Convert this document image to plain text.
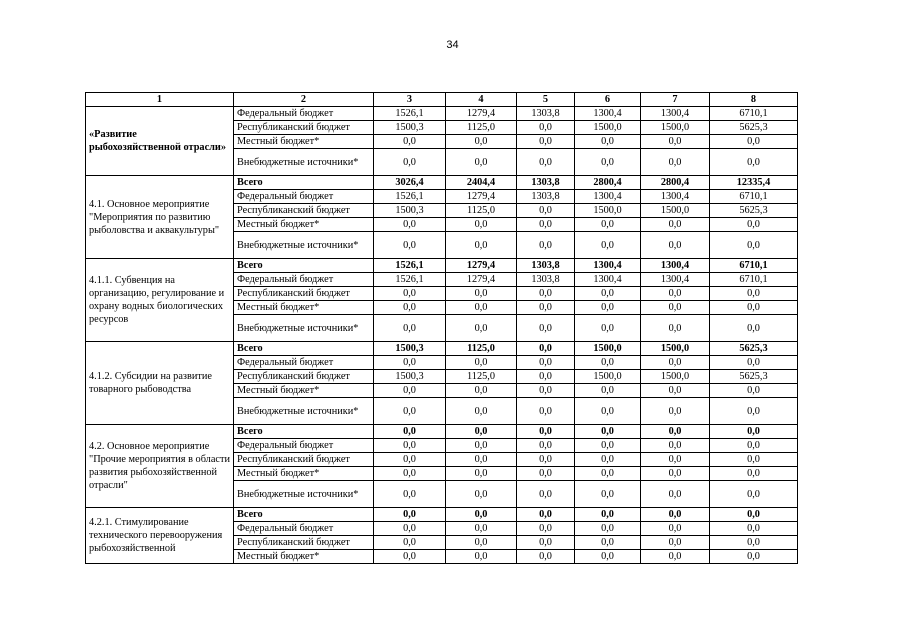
34
1	2	3	4	5	6	7	8
«Развитие рыбохозяйственной отрасли»	Федеральный бюджет	1526,1	1279,4	1303,8	1300,4	1300,4	6710,1
	Республиканский бюджет	1500,3	1125,0	0,0	1500,0	1500,0	5625,3
	Местный бюджет*	0,0	0,0	0,0	0,0	0,0	0,0
	Внебюджетные источники*	0,0	0,0	0,0	0,0	0,0	0,0
4.1. Основное мероприятие "Мероприятия по развитию рыболовства и аквакультуры"	Всего	3026,4	2404,4	1303,8	2800,4	2800,4	12335,4
	Федеральный бюджет	1526,1	1279,4	1303,8	1300,4	1300,4	6710,1
	Республиканский бюджет	1500,3	1125,0	0,0	1500,0	1500,0	5625,3
	Местный бюджет*	0,0	0,0	0,0	0,0	0,0	0,0
	Внебюджетные источники*	0,0	0,0	0,0	0,0	0,0	0,0
4.1.1. Субвенция на организацию, регулирование и охрану водных биологических ресурсов	Всего	1526,1	1279,4	1303,8	1300,4	1300,4	6710,1
	Федеральный бюджет	1526,1	1279,4	1303,8	1300,4	1300,4	6710,1
	Республиканский бюджет	0,0	0,0	0,0	0,0	0,0	0,0
	Местный бюджет*	0,0	0,0	0,0	0,0	0,0	0,0
	Внебюджетные источники*	0,0	0,0	0,0	0,0	0,0	0,0
4.1.2. Субсидии на развитие товарного рыбоводства	Всего	1500,3	1125,0	0,0	1500,0	1500,0	5625,3
	Федеральный бюджет	0,0	0,0	0,0	0,0	0,0	0,0
	Республиканский бюджет	1500,3	1125,0	0,0	1500,0	1500,0	5625,3
	Местный бюджет*	0,0	0,0	0,0	0,0	0,0	0,0
	Внебюджетные источники*	0,0	0,0	0,0	0,0	0,0	0,0
4.2. Основное мероприятие "Прочие мероприятия в области развития рыбохозяйственной отрасли"	Всего	0,0	0,0	0,0	0,0	0,0	0,0
	Федеральный бюджет	0,0	0,0	0,0	0,0	0,0	0,0
	Республиканский бюджет	0,0	0,0	0,0	0,0	0,0	0,0
	Местный бюджет*	0,0	0,0	0,0	0,0	0,0	0,0
	Внебюджетные источники*	0,0	0,0	0,0	0,0	0,0	0,0
4.2.1. Стимулирование технического перевооружения рыбохозяйственной	Всего	0,0	0,0	0,0	0,0	0,0	0,0
	Федеральный бюджет	0,0	0,0	0,0	0,0	0,0	0,0
	Республиканский бюджет	0,0	0,0	0,0	0,0	0,0	0,0
	Местный бюджет*	0,0	0,0	0,0	0,0	0,0	0,0
